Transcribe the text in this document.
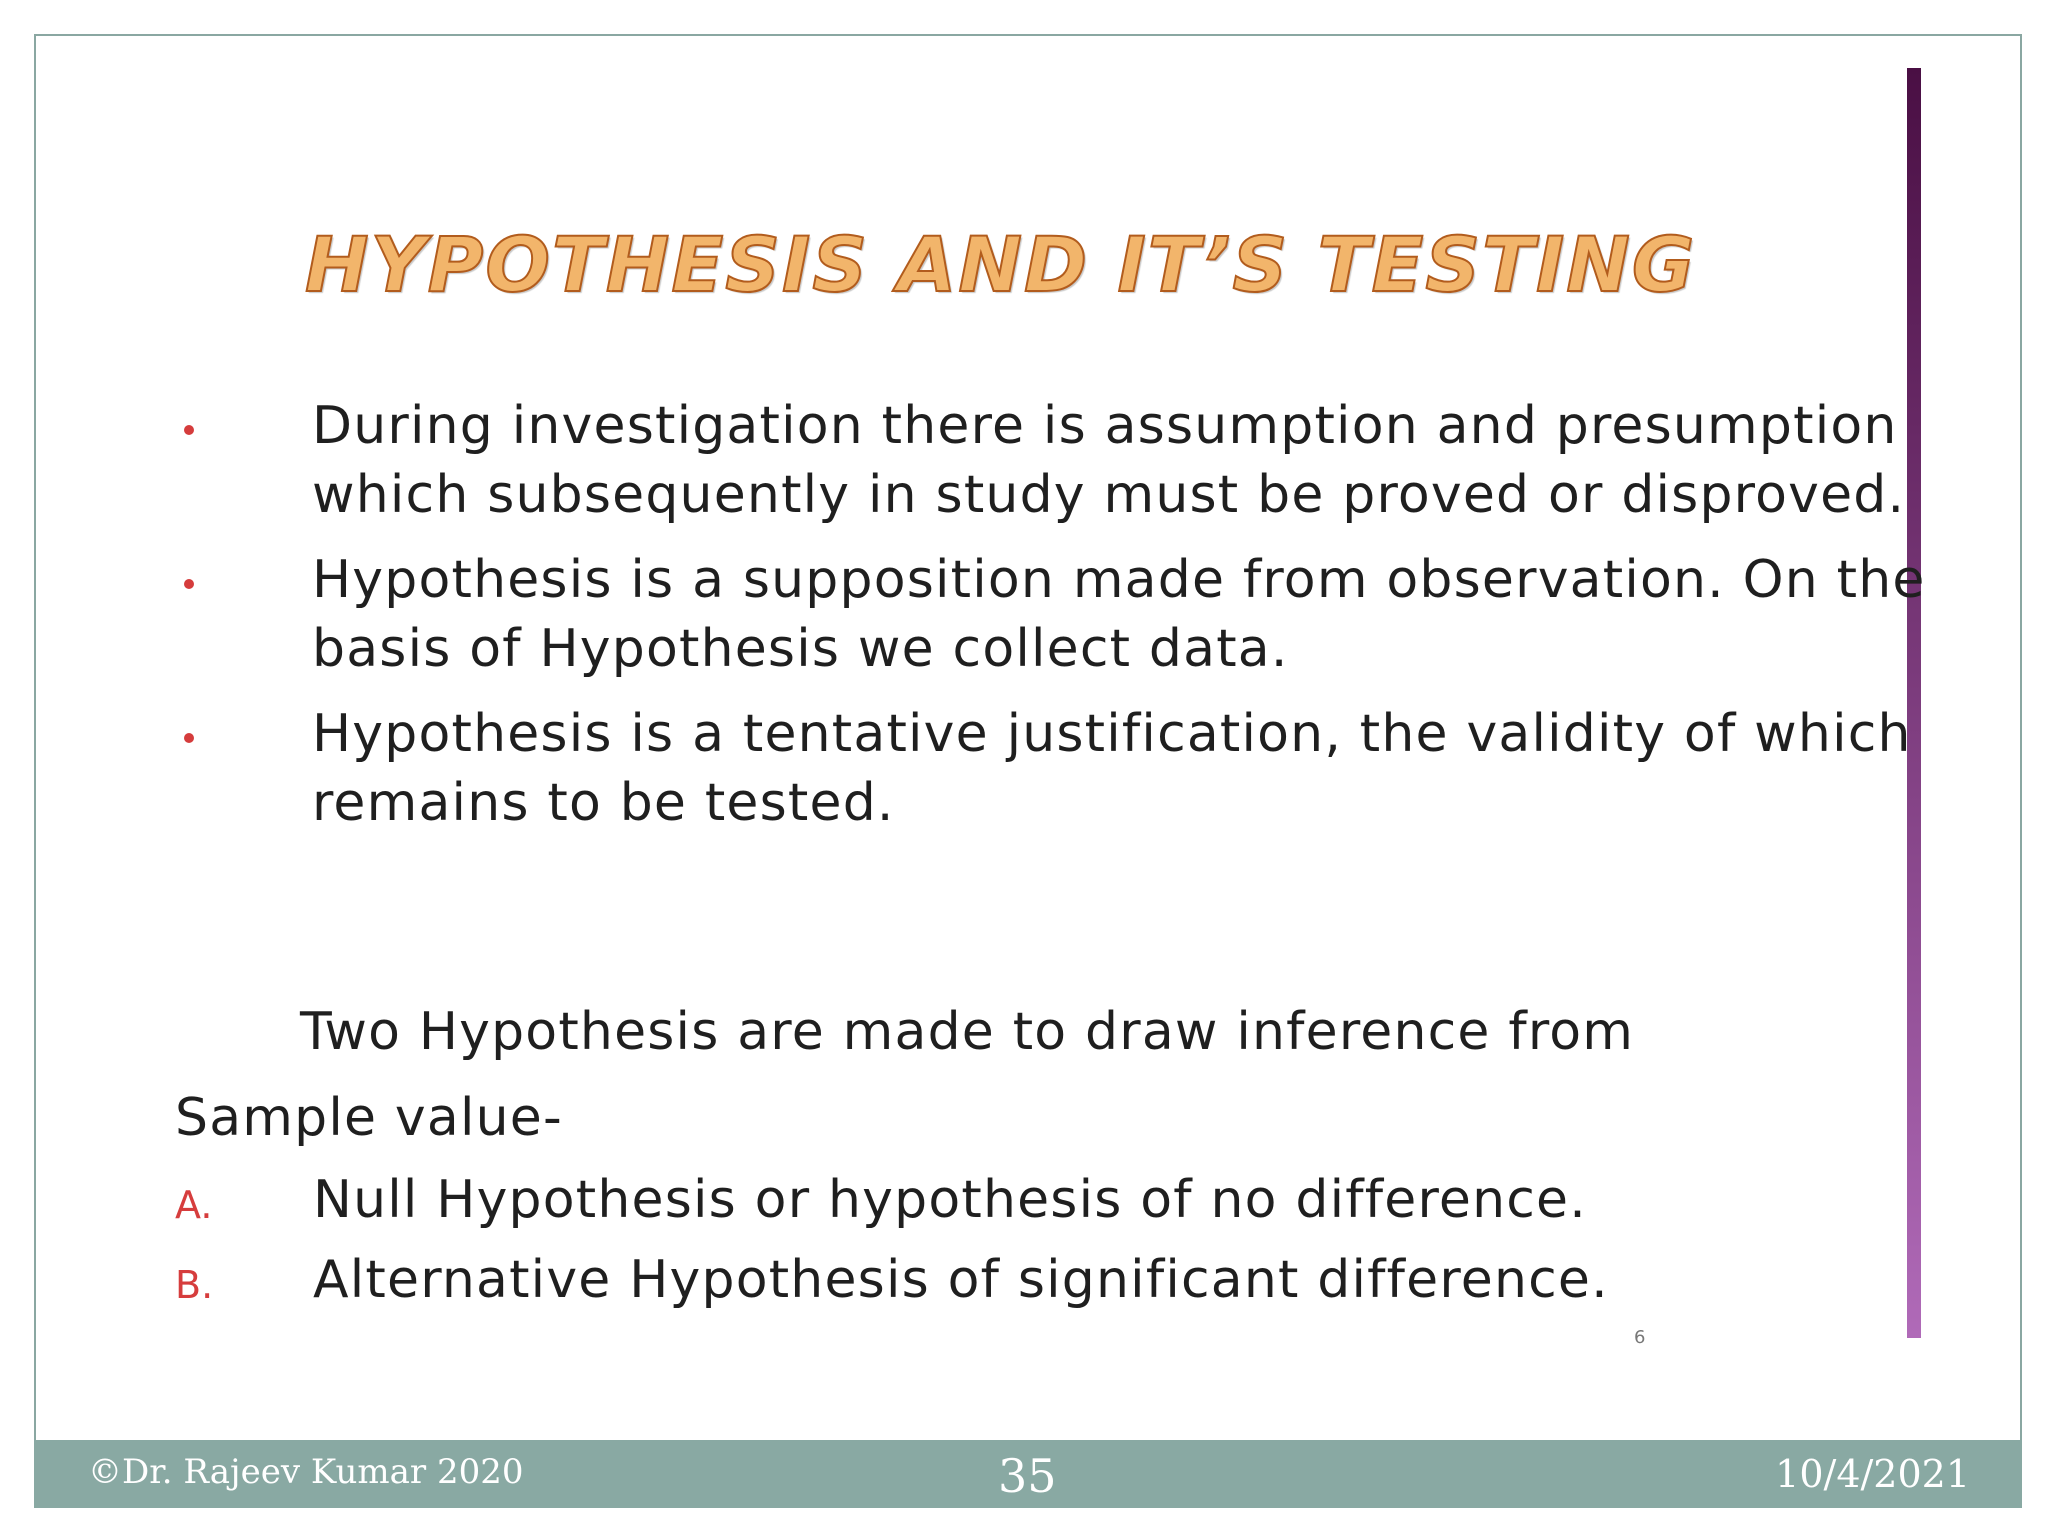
HYPOTHESIS AND IT’S TESTING
During investigation there is assumption and presumption which subsequently in study must be proved or disproved.
Hypothesis is a supposition made from observation. On the basis of Hypothesis we collect data.
Hypothesis is a tentative justification, the validity of which remains to be tested.
Two Hypothesis are made to draw inference from
Sample value-
A.	Null Hypothesis or hypothesis of no difference.
B.	Alternative Hypothesis of significant difference.
6
©Dr. Rajeev Kumar 2020	35	10/4/2021
